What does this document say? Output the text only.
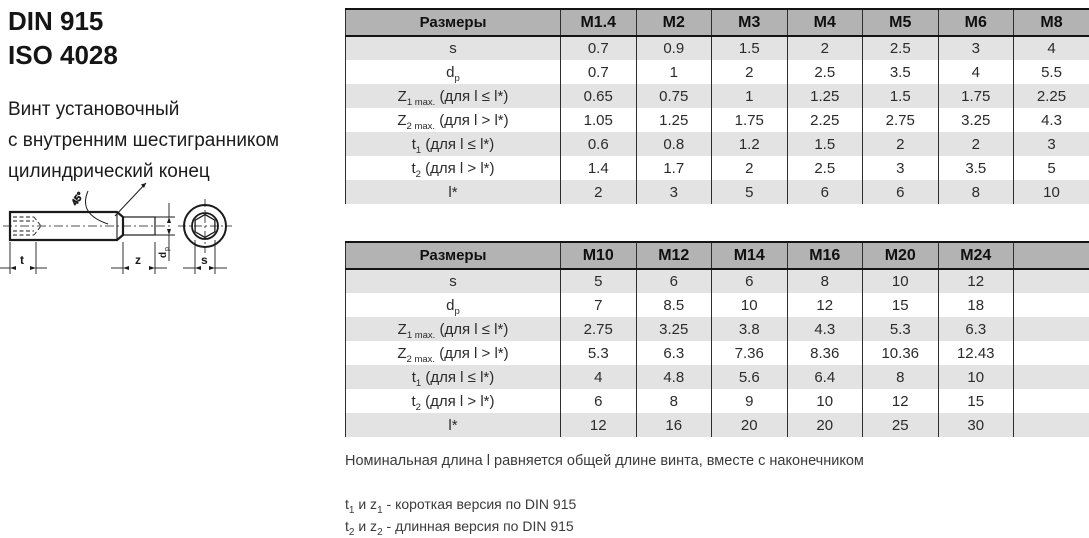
DIN 915
ISO 4028
Винт установочный
с внутренним шестигранником
цилиндрический конец
45°
t	z d
p
s
Размеры	M1.4	M2	M3	M4	M5	M6	M8
s	0.7	0.9	1.5	2	2.5	3	4
$d_p$	0.7	1	2	2.5	3.5	4	5.5
$Z_{1 max.}$ (для l ≤ l*)	0.65	0.75	1	1.25	1.5	1.75	2.25
$Z_{2 max.}$ (для l > l*)	1.05	1.25	1.75	2.25	2.75	3.25	4.3
$t_1$ (для l ≤ l*)	0.6	0.8	1.2	1.5	2	2	3
$t_2$ (для l > l*)	1.4	1.7	2	2.5	3	3.5	5
l*	2	3	5	6	6	8	10
Размеры	M10	M12	M14	M16	M20	M24	
s	5	6	6	8	10	12	
$d_p$	7	8.5	10	12	15	18	
$Z_{1 max.}$ (для l ≤ l*)	2.75	3.25	3.8	4.3	5.3	6.3	
$Z_{2 max.}$ (для l > l*)	5.3	6.3	7.36	8.36	10.36	12.43	
$t_1$ (для l ≤ l*)	4	4.8	5.6	6.4	8	10	
$t_2$ (для l > l*)	6	8	9	10	12	15	
l*	12	16	20	20	25	30	
Номинальная длина l равняется общей длине винта, вместе с наконечником
$t_1$ и $z_1$ - короткая версия по DIN 915
$t_2$ и $z_2$ - длинная версия по DIN 915
